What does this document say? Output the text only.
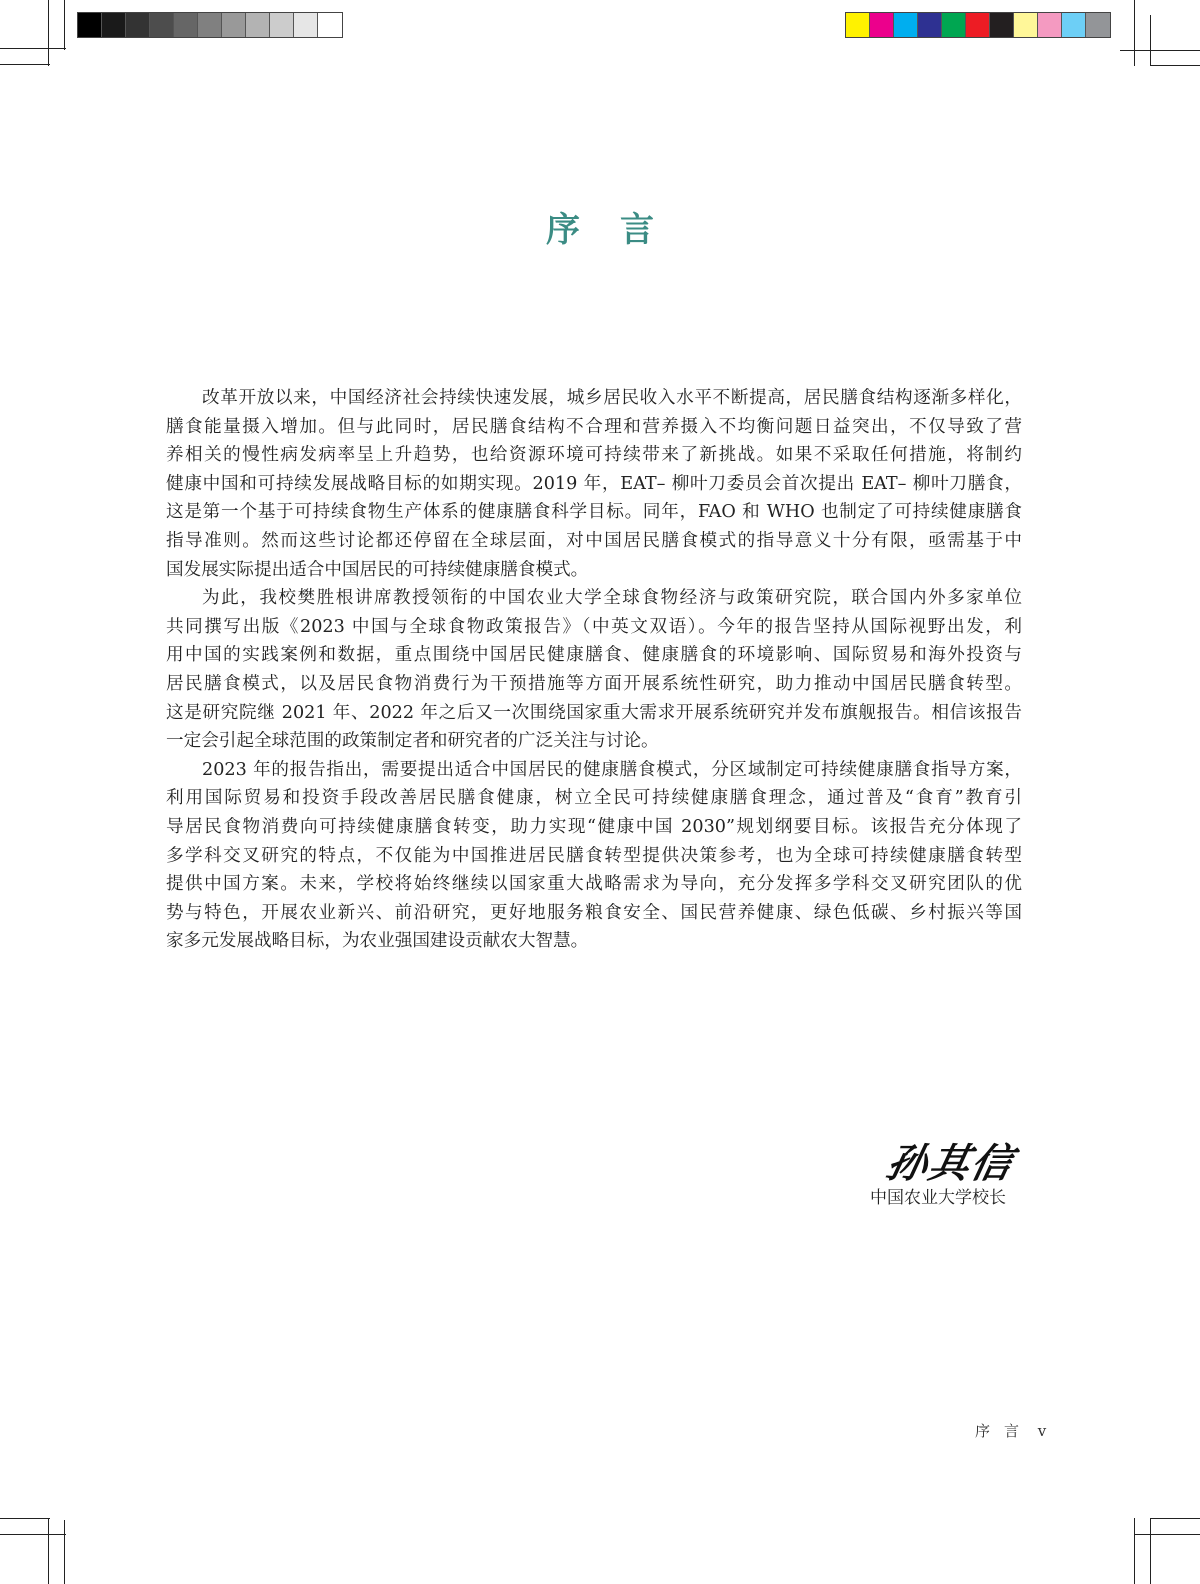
序言

改革开放以来，中国经济社会持续快速发展，城乡居民收入水平不断提高，居民膳食结构逐渐多样化，
膳食能量摄入增加。但与此同时，居民膳食结构不合理和营养摄入不均衡问题日益突出，不仅导致了营
养相关的慢性病发病率呈上升趋势，也给资源环境可持续带来了新挑战。如果不采取任何措施，将制约
健康中国和可持续发展战略目标的如期实现。2019 年，EAT– 柳叶刀委员会首次提出 EAT– 柳叶刀膳食，
这是第一个基于可持续食物生产体系的健康膳食科学目标。同年，FAO 和 WHO 也制定了可持续健康膳食
指导准则。然而这些讨论都还停留在全球层面，对中国居民膳食模式的指导意义十分有限，亟需基于中
国发展实际提出适合中国居民的可持续健康膳食模式。

为此，我校樊胜根讲席教授领衔的中国农业大学全球食物经济与政策研究院，联合国内外多家单位
共同撰写出版《2023 中国与全球食物政策报告》（中英文双语）。今年的报告坚持从国际视野出发，利
用中国的实践案例和数据，重点围绕中国居民健康膳食、健康膳食的环境影响、国际贸易和海外投资与
居民膳食模式，以及居民食物消费行为干预措施等方面开展系统性研究，助力推动中国居民膳食转型。
这是研究院继 2021 年、2022 年之后又一次围绕国家重大需求开展系统研究并发布旗舰报告。相信该报告
一定会引起全球范围的政策制定者和研究者的广泛关注与讨论。

2023 年的报告指出，需要提出适合中国居民的健康膳食模式，分区域制定可持续健康膳食指导方案，
利用国际贸易和投资手段改善居民膳食健康，树立全民可持续健康膳食理念，通过普及“食育”教育引
导居民食物消费向可持续健康膳食转变，助力实现“健康中国 2030”规划纲要目标。该报告充分体现了
多学科交叉研究的特点，不仅能为中国推进居民膳食转型提供决策参考，也为全球可持续健康膳食转型
提供中国方案。未来，学校将始终继续以国家重大战略需求为导向，充分发挥多学科交叉研究团队的优
势与特色，开展农业新兴、前沿研究，更好地服务粮食安全、国民营养健康、绿色低碳、乡村振兴等国
家多元发展战略目标，为农业强国建设贡献农大智慧。

孙其信
中国农业大学校长
序言 v
